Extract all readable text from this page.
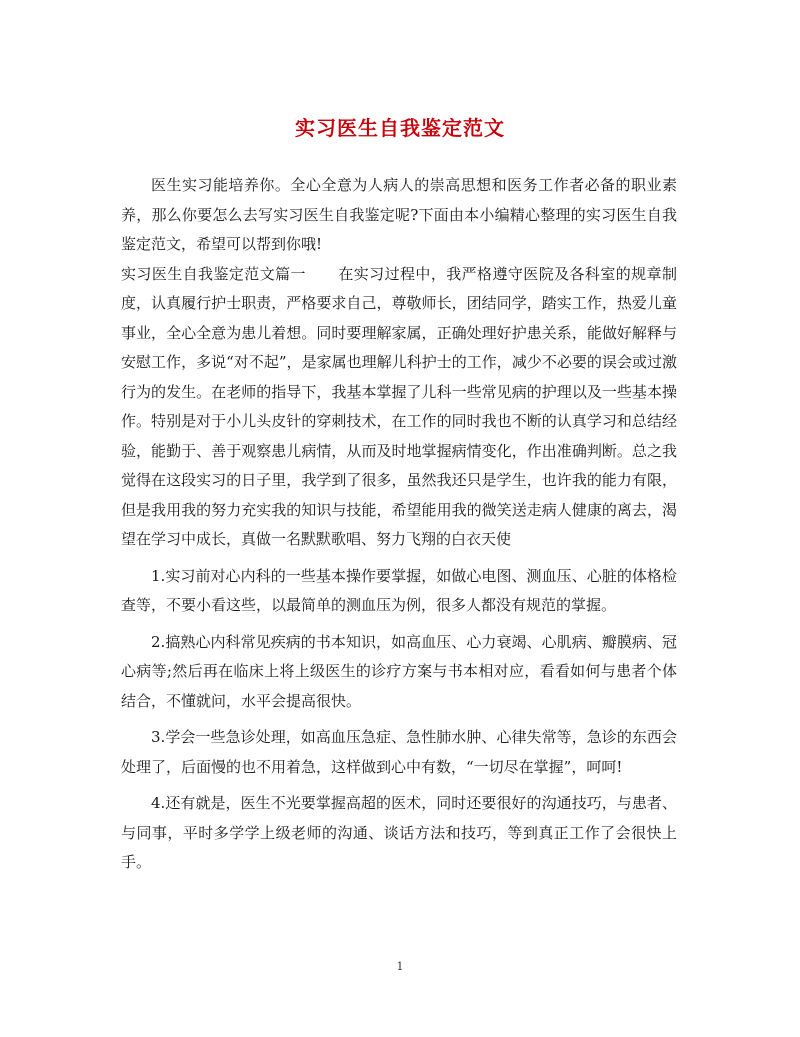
实习医生自我鉴定范文

医生实习能培养你。全心全意为人病人的崇高思想和医务工作者必备的职业素养，那么你要怎么去写实习医生自我鉴定呢?下面由本小编精心整理的实习医生自我鉴定范文，希望可以帮到你哦!

实习医生自我鉴定范文篇一 在实习过程中，我严格遵守医院及各科室的规章制度，认真履行护士职责，严格要求自己，尊敬师长，团结同学，踏实工作，热爱儿童事业，全心全意为患儿着想。同时要理解家属，正确处理好护患关系，能做好解释与安慰工作，多说“对不起”，是家属也理解儿科护士的工作，减少不必要的误会或过激行为的发生。在老师的指导下，我基本掌握了儿科一些常见病的护理以及一些基本操作。特别是对于小儿头皮针的穿刺技术，在工作的同时我也不断的认真学习和总结经验，能勤于、善于观察患儿病情，从而及时地掌握病情变化，作出准确判断。总之我觉得在这段实习的日子里，我学到了很多，虽然我还只是学生，也许我的能力有限，但是我用我的努力充实我的知识与技能，希望能用我的微笑送走病人健康的离去，渴望在学习中成长，真做一名默默歌唱、努力飞翔的白衣天使

1.实习前对心内科的一些基本操作要掌握，如做心电图、测血压、心脏的体格检查等，不要小看这些，以最简单的测血压为例，很多人都没有规范的掌握。

2.搞熟心内科常见疾病的书本知识，如高血压、心力衰竭、心肌病、瓣膜病、冠心病等;然后再在临床上将上级医生的诊疗方案与书本相对应，看看如何与患者个体结合，不懂就问，水平会提高很快。

3.学会一些急诊处理，如高血压急症、急性肺水肿、心律失常等，急诊的东西会处理了，后面慢的也不用着急，这样做到心中有数，“一切尽在掌握”，呵呵!

4.还有就是，医生不光要掌握高超的医术，同时还要很好的沟通技巧，与患者、与同事，平时多学学上级老师的沟通、谈话方法和技巧，等到真正工作了会很快上手。

1
